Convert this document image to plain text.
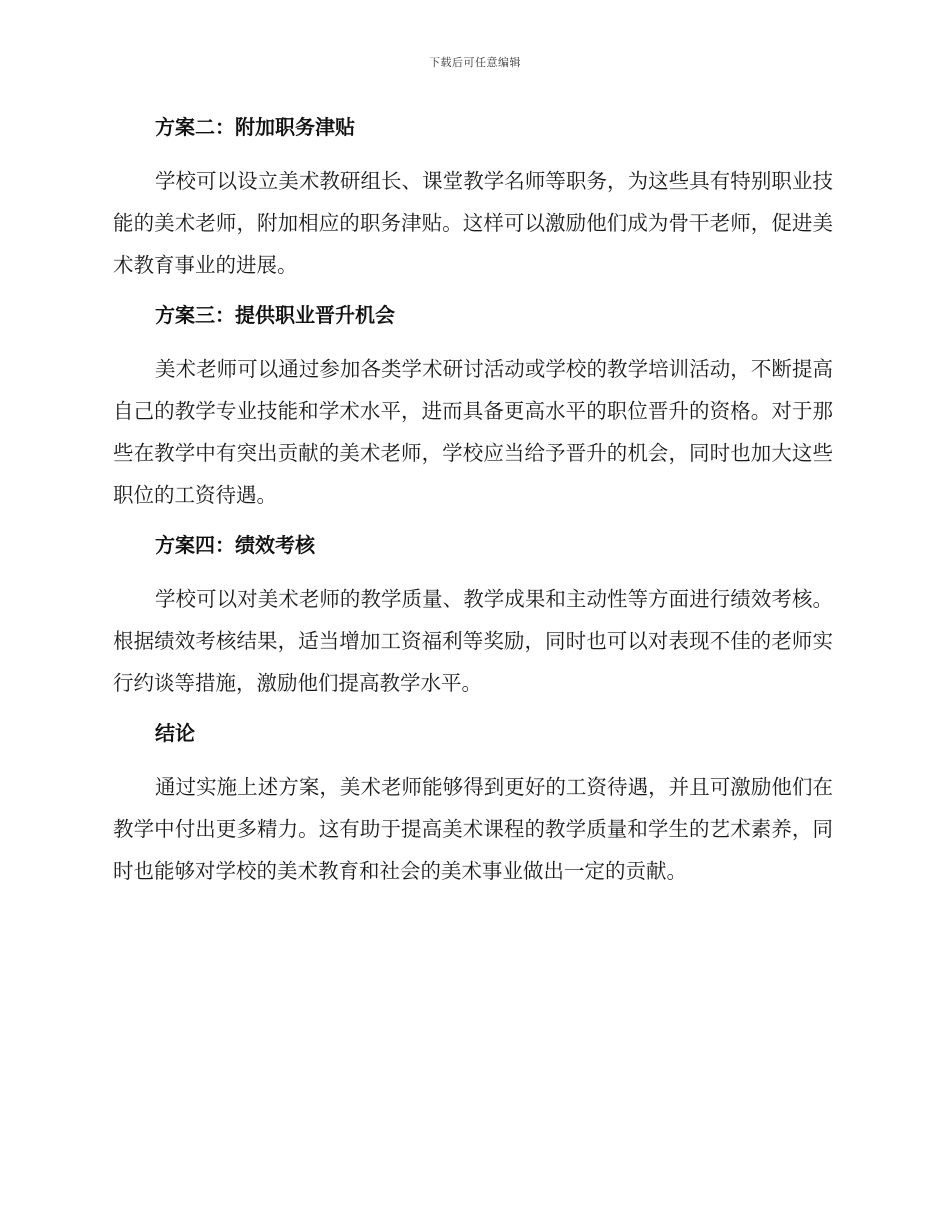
下载后可任意编辑
方案二：附加职务津贴

学校可以设立美术教研组长、课堂教学名师等职务，为这些具有特别职业技能的美术老师，附加相应的职务津贴。这样可以激励他们成为骨干老师，促进美术教育事业的进展。

方案三：提供职业晋升机会

美术老师可以通过参加各类学术研讨活动或学校的教学培训活动，不断提高自己的教学专业技能和学术水平，进而具备更高水平的职位晋升的资格。对于那些在教学中有突出贡献的美术老师，学校应当给予晋升的机会，同时也加大这些职位的工资待遇。

方案四：绩效考核

学校可以对美术老师的教学质量、教学成果和主动性等方面进行绩效考核。根据绩效考核结果，适当增加工资福利等奖励，同时也可以对表现不佳的老师实行约谈等措施，激励他们提高教学水平。

结论

通过实施上述方案，美术老师能够得到更好的工资待遇，并且可激励他们在教学中付出更多精力。这有助于提高美术课程的教学质量和学生的艺术素养，同时也能够对学校的美术教育和社会的美术事业做出一定的贡献。
